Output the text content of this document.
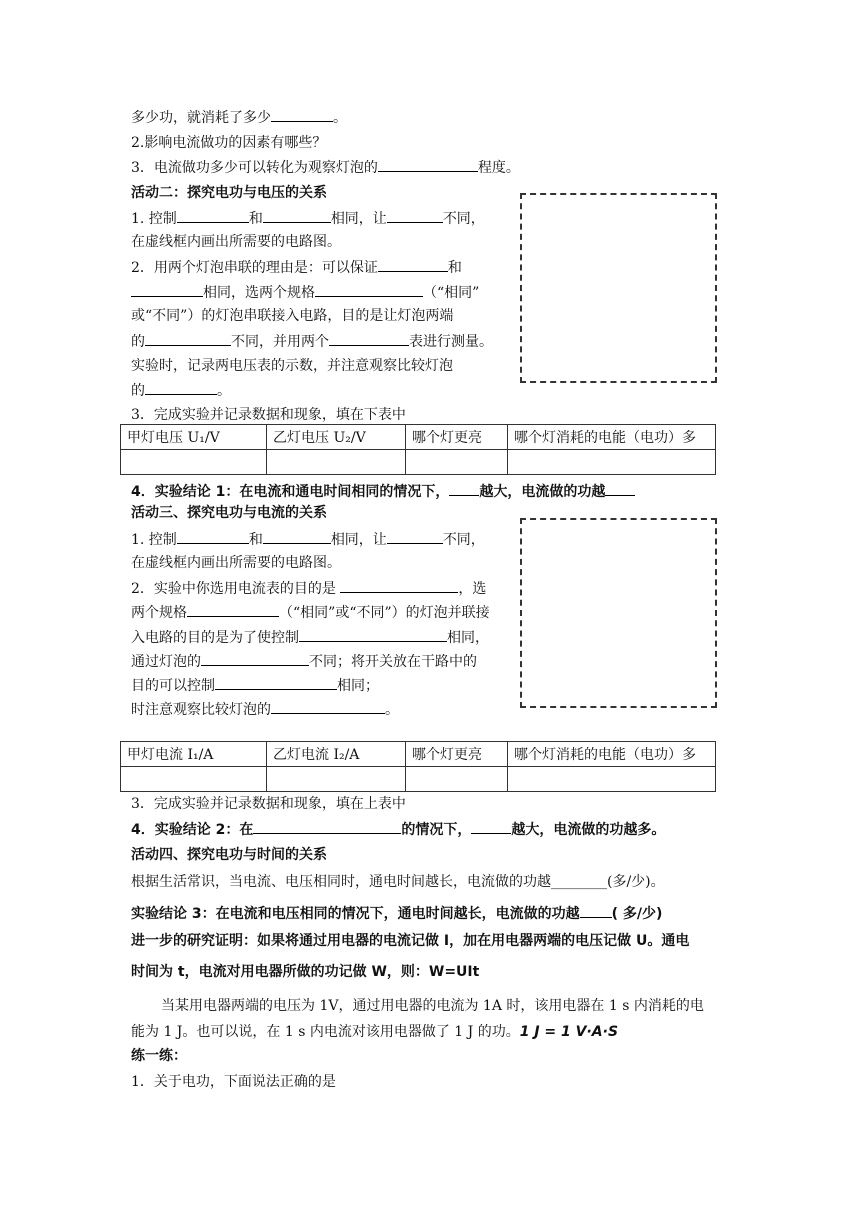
多少功，就消耗了多少	。
2.影响电流做功的因素有哪些？
3．电流做功多少可以转化为观察灯泡的	程度。
活动二：探究电功与电压的关系
1. 控制	和	相同，让	不同，
在虚线框内画出所需要的电路图。
2．用两个灯泡串联的理由是：可以保证	和
相同，选两个规格	（“相同”
或“不同”）的灯泡串联接入电路，目的是让灯泡两端
的	不同，并用两个	表进行测量。
实验时，记录两电压表的示数，并注意观察比较灯泡
的	。
3．完成实验并记录数据和现象，填在下表中
甲灯电压 U₁/V	乙灯电压 U₂/V	哪个灯更亮	哪个灯消耗的电能（电功）多

4．实验结论 1：在电流和通电时间相同的情况下， 越大，电流做的功越
活动三、探究电功与电流的关系
1. 控制	和	相同，让	不同，
在虚线框内画出所需要的电路图。
2．实验中你选用电流表的目的是	，选
两个规格	（“相同”或“不同”）的灯泡并联接
入电路的目的是为了使控制	相同，
通过灯泡的	不同；将开关放在干路中的
目的可以控制	相同；
时注意观察比较灯泡的	。
甲灯电流 I₁/A	乙灯电流 I₂/A	哪个灯更亮	哪个灯消耗的电能（电功）多

3．完成实验并记录数据和现象，填在上表中
4．实验结论 2：在	的情况下，	越大，电流做的功越多。
活动四、探究电功与时间的关系
根据生活常识，当电流、电压相同时，通电时间越长，电流做的功越________(多/少)。
实验结论 3：在电流和电压相同的情况下，通电时间越长，电流做的功越 ( 多/少)
进一步的研究证明：如果将通过用电器的电流记做 I，加在用电器两端的电压记做 U。通电
时间为 t，电流对用电器所做的功记做 W，则：W=UIt
当某用电器两端的电压为 1V，通过用电器的电流为 1A 时，该用电器在 1 s 内消耗的电
能为 1 J。也可以说，在 1 s 内电流对该用电器做了 1 J 的功。1 J = 1 V·A·S
练一练：
1．关于电功，下面说法正确的是
